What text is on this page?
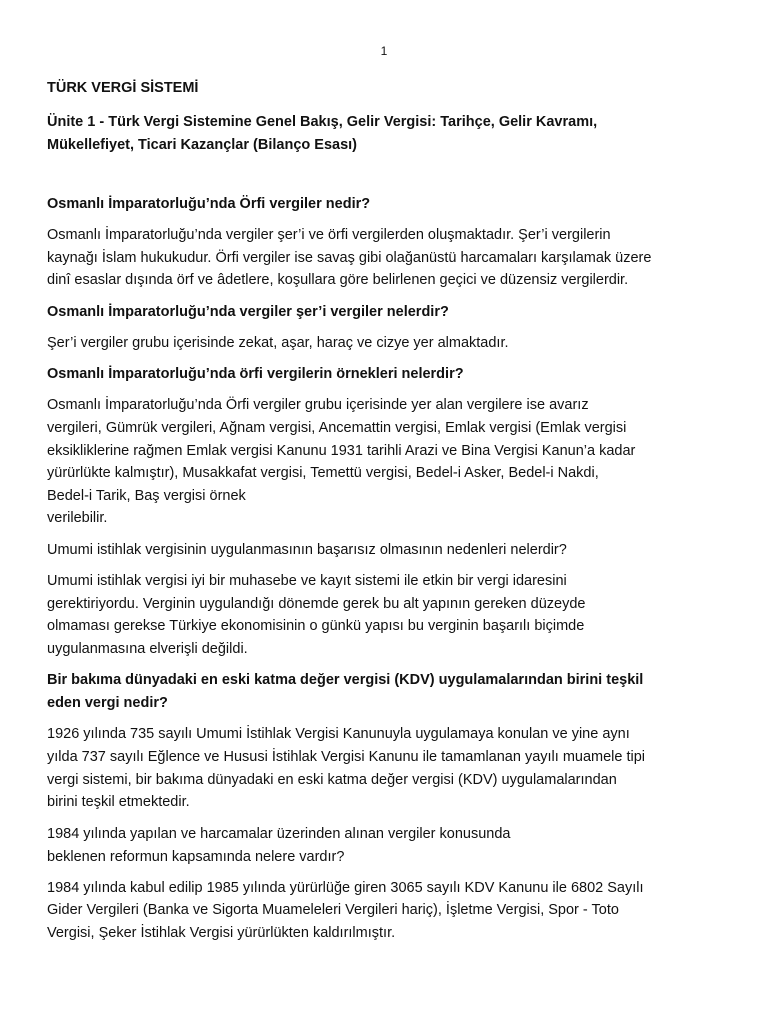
1
TÜRK VERGİ SİSTEMİ
Ünite 1 - Türk Vergi Sistemine Genel Bakış, Gelir Vergisi: Tarihçe, Gelir Kavramı,
Mükellefiyet, Ticari Kazançlar (Bilanço Esası)
Osmanlı İmparatorluğu’nda Örfi vergiler nedir?
Osmanlı İmparatorluğu’nda vergiler şer’i ve örfi vergilerden oluşmaktadır. Şer’i vergilerin
kaynağı İslam hukukudur. Örfi vergiler ise savaş gibi olağanüstü harcamaları karşılamak üzere
dinî esaslar dışında örf ve âdetlere, koşullara göre belirlenen geçici ve düzensiz vergilerdir.
Osmanlı İmparatorluğu’nda vergiler şer’i vergiler nelerdir?
Şer’i vergiler grubu içerisinde zekat, aşar, haraç ve cizye yer almaktadır.
Osmanlı İmparatorluğu’nda örfi vergilerin örnekleri nelerdir?
Osmanlı İmparatorluğu’nda Örfi vergiler grubu içerisinde yer alan vergilere ise avarız
vergileri, Gümrük vergileri, Ağnam vergisi, Ancemattin vergisi, Emlak vergisi (Emlak vergisi
eksikliklerine rağmen Emlak vergisi Kanunu 1931 tarihli Arazi ve Bina Vergisi Kanun’a kadar
yürürlükte kalmıştır), Musakkafat vergisi, Temettü vergisi, Bedel-i Asker, Bedel-i Nakdi,
Bedel-i Tarik, Baş vergisi örnek
verilebilir.
Umumi istihlak vergisinin uygulanmasının başarısız olmasının nedenleri nelerdir?
Umumi istihlak vergisi iyi bir muhasebe ve kayıt sistemi ile etkin bir vergi idaresini
gerektiriyordu. Verginin uygulandığı dönemde gerek bu alt yapının gereken düzeyde
olmaması gerekse Türkiye ekonomisinin o günkü yapısı bu verginin başarılı biçimde
uygulanmasına elverişli değildi.
Bir bakıma dünyadaki en eski katma değer vergisi (KDV) uygulamalarından birini teşkil
eden vergi nedir?
1926 yılında 735 sayılı Umumi İstihlak Vergisi Kanunuyla uygulamaya konulan ve yine aynı
yılda 737 sayılı Eğlence ve Hususi İstihlak Vergisi Kanunu ile tamamlanan yayılı muamele tipi
vergi sistemi, bir bakıma dünyadaki en eski katma değer vergisi (KDV) uygulamalarından
birini teşkil etmektedir.
1984 yılında yapılan ve harcamalar üzerinden alınan vergiler konusunda
beklenen reformun kapsamında nelere vardır?
1984 yılında kabul edilip 1985 yılında yürürlüğe giren 3065 sayılı KDV Kanunu ile 6802 Sayılı
Gider Vergileri (Banka ve Sigorta Muameleleri Vergileri hariç), İşletme Vergisi, Spor - Toto
Vergisi, Şeker İstihlak Vergisi yürürlükten kaldırılmıştır.
